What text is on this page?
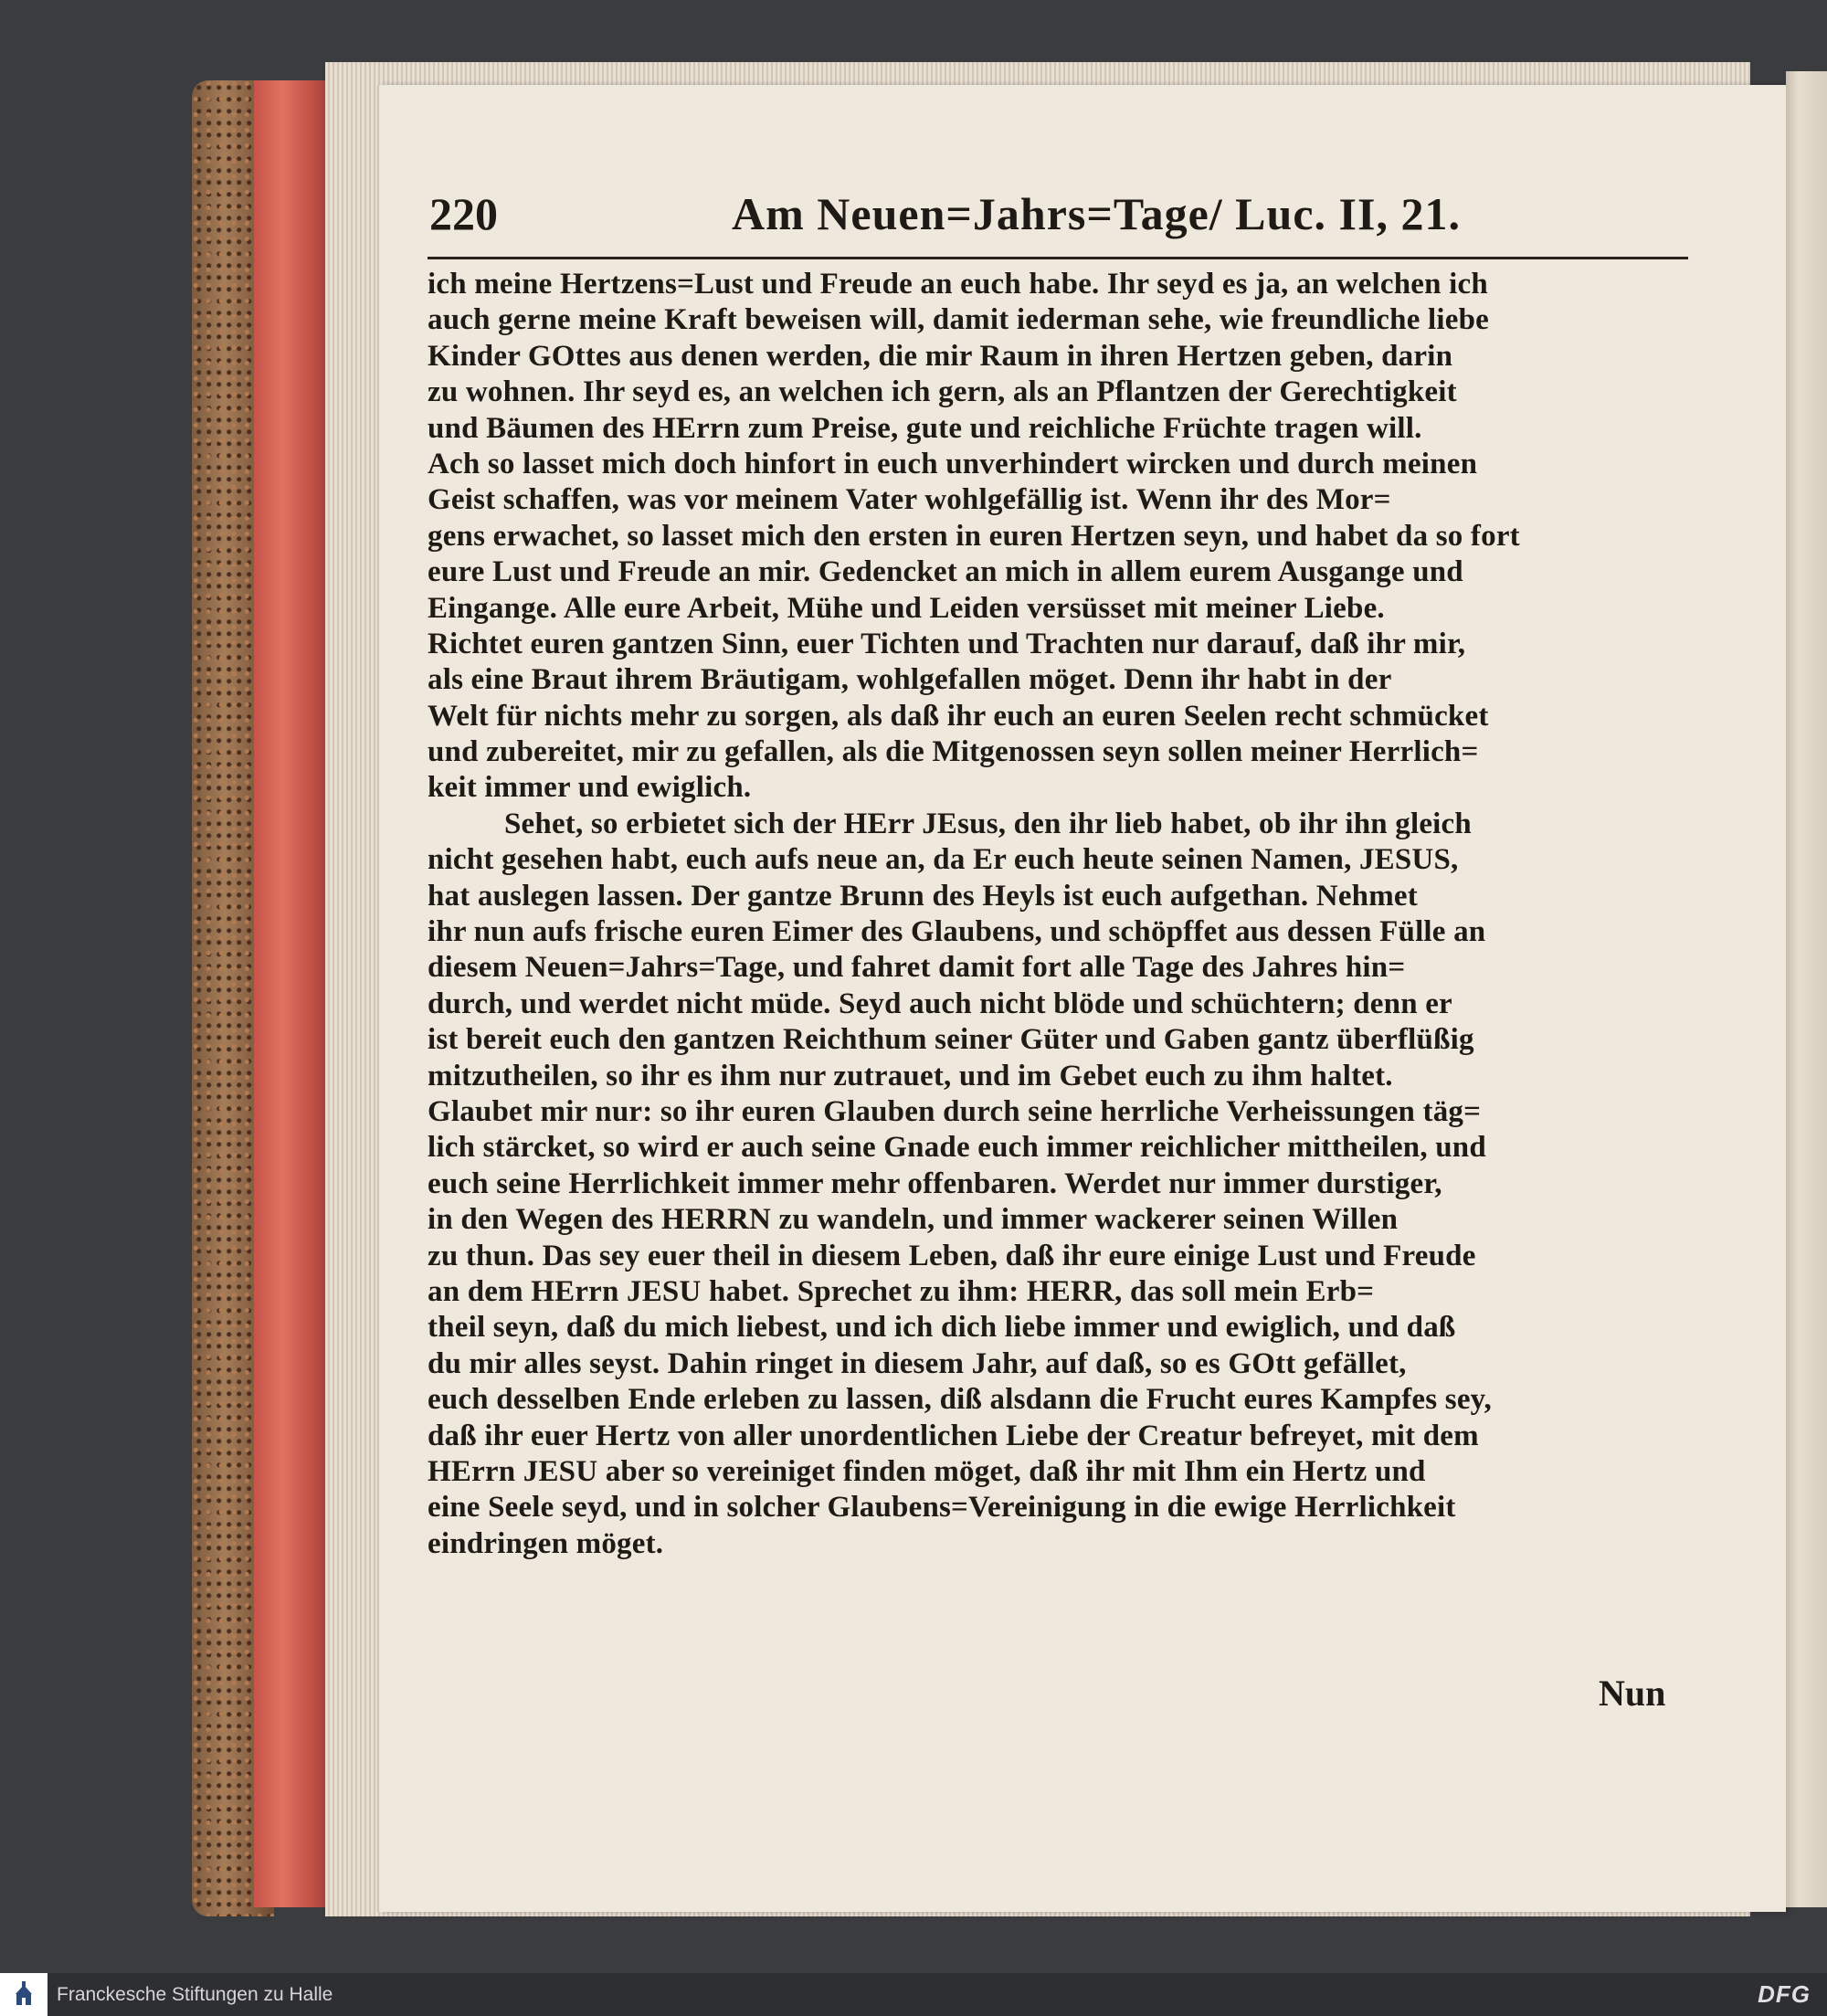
220	Am Neuen=Jahrs=Tage/ Luc. II, 21.
ich meine Hertzens=Lust und Freude an euch habe. Ihr seyd es ja, an welchen ich
auch gerne meine Kraft beweisen will, damit iederman sehe, wie freundliche liebe
Kinder GOttes aus denen werden, die mir Raum in ihren Hertzen geben, darin
zu wohnen. Ihr seyd es, an welchen ich gern, als an Pflantzen der Gerechtigkeit
und Bäumen des HErrn zum Preise, gute und reichliche Früchte tragen will.
Ach so lasset mich doch hinfort in euch unverhindert wircken und durch meinen
Geist schaffen, was vor meinem Vater wohlgefällig ist. Wenn ihr des Mor=
gens erwachet, so lasset mich den ersten in euren Hertzen seyn, und habet da so fort
eure Lust und Freude an mir. Gedencket an mich in allem eurem Ausgange und
Eingange. Alle eure Arbeit, Mühe und Leiden versüsset mit meiner Liebe.
Richtet euren gantzen Sinn, euer Tichten und Trachten nur darauf, daß ihr mir,
als eine Braut ihrem Bräutigam, wohlgefallen möget. Denn ihr habt in der
Welt für nichts mehr zu sorgen, als daß ihr euch an euren Seelen recht schmücket
und zubereitet, mir zu gefallen, als die Mitgenossen seyn sollen meiner Herrlich=
keit immer und ewiglich.
Sehet, so erbietet sich der HErr JEsus, den ihr lieb habet, ob ihr ihn gleich
nicht gesehen habt, euch aufs neue an, da Er euch heute seinen Namen, JESUS,
hat auslegen lassen. Der gantze Brunn des Heyls ist euch aufgethan. Nehmet
ihr nun aufs frische euren Eimer des Glaubens, und schöpffet aus dessen Fülle an
diesem Neuen=Jahrs=Tage, und fahret damit fort alle Tage des Jahres hin=
durch, und werdet nicht müde. Seyd auch nicht blöde und schüchtern; denn er
ist bereit euch den gantzen Reichthum seiner Güter und Gaben gantz überflüßig
mitzutheilen, so ihr es ihm nur zutrauet, und im Gebet euch zu ihm haltet.
Glaubet mir nur: so ihr euren Glauben durch seine herrliche Verheissungen täg=
lich stärcket, so wird er auch seine Gnade euch immer reichlicher mittheilen, und
euch seine Herrlichkeit immer mehr offenbaren. Werdet nur immer durstiger,
in den Wegen des HERRN zu wandeln, und immer wackerer seinen Willen
zu thun. Das sey euer theil in diesem Leben, daß ihr eure einige Lust und Freude
an dem HErrn JESU habet. Sprechet zu ihm: HERR, das soll mein Erb=
theil seyn, daß du mich liebest, und ich dich liebe immer und ewiglich, und daß
du mir alles seyst. Dahin ringet in diesem Jahr, auf daß, so es GOtt gefället,
euch desselben Ende erleben zu lassen, diß alsdann die Frucht eures Kampfes sey,
daß ihr euer Hertz von aller unordentlichen Liebe der Creatur befreyet, mit dem
HErrn JESU aber so vereiniget finden möget, daß ihr mit Ihm ein Hertz und
eine Seele seyd, und in solcher Glaubens=Vereinigung in die ewige Herrlichkeit
eindringen möget.
Nun
Franckesche Stiftungen zu Halle	DFG
